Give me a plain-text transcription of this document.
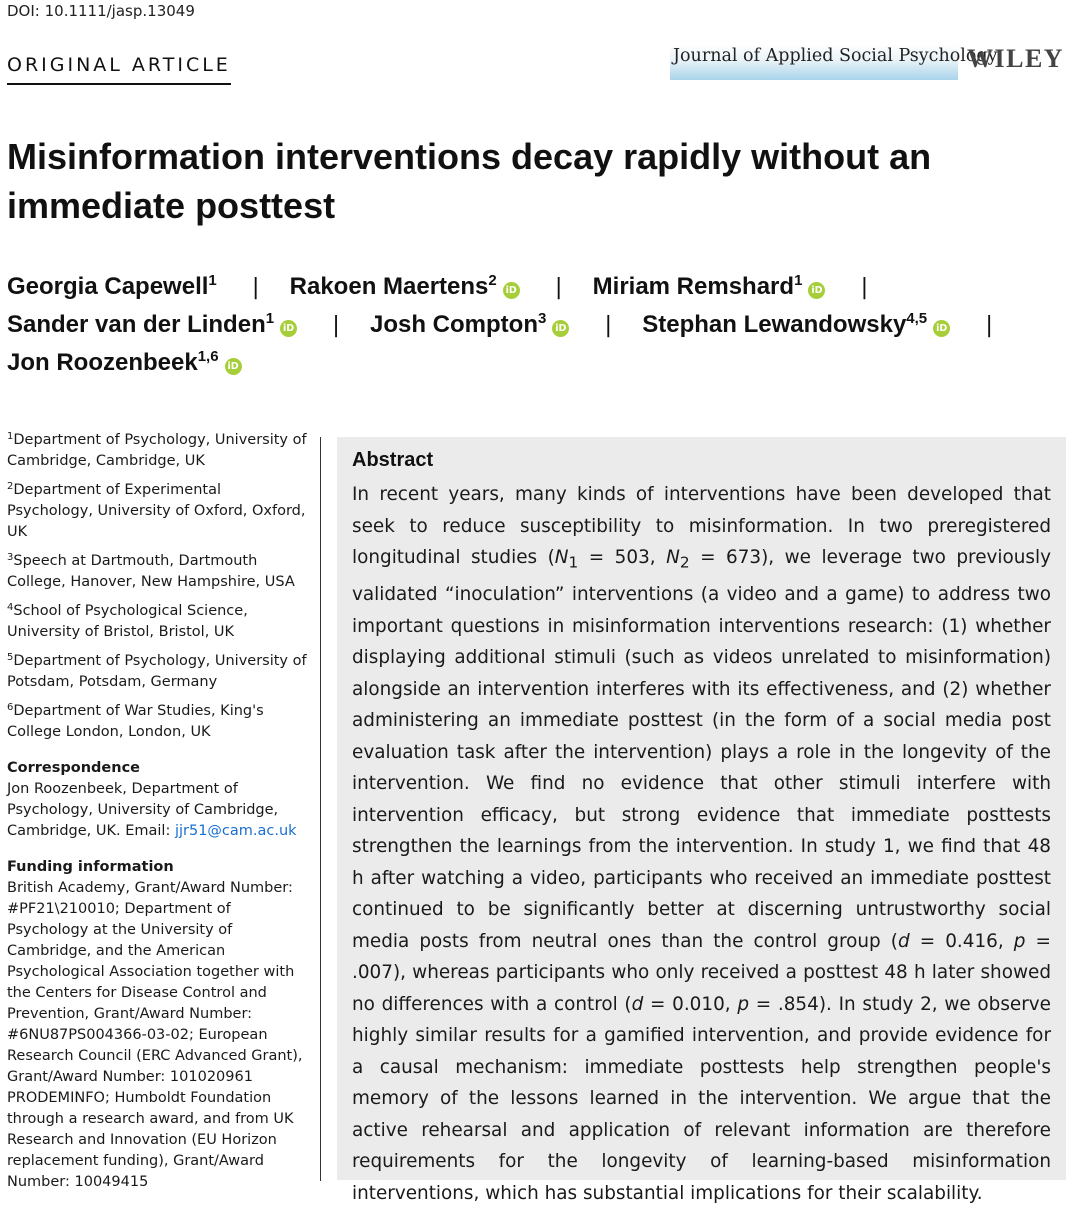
DOI: 10.1111/jasp.13049
ORIGINAL ARTICLE	Journal of Applied Social Psychology
WILEY
Misinformation interventions decay rapidly without an immediate posttest
Georgia Capewell$^1$ | Rakoen Maertens$^2$iD | Miriam Remshard$^1$iD |
Sander van der Linden$^1$iD | Josh Compton$^3$iD | Stephan Lewandowsky$^{4,5}$iD |
Jon Roozenbeek$^{1,6}$iD
$^1$Department of Psychology, University of Cambridge, Cambridge, UK
$^2$Department of Experimental Psychology, University of Oxford, Oxford, UK
$^3$Speech at Dartmouth, Dartmouth College, Hanover, New Hampshire, USA
$^4$School of Psychological Science, University of Bristol, Bristol, UK
$^5$Department of Psychology, University of Potsdam, Potsdam, Germany
$^6$Department of War Studies, King's College London, London, UK
Correspondence
Jon Roozenbeek, Department of Psychology, University of Cambridge, Cambridge, UK. Email: jjr51@cam.ac.uk
Funding information
British Academy, Grant/Award Number: #PF21\210010; Department of Psychology at the University of Cambridge, and the American Psychological Association together with the Centers for Disease Control and Prevention, Grant/Award Number: #6NU87PS004366-03-02; European Research Council (ERC Advanced Grant), Grant/Award Number: 101020961 PRODEMINFO; Humboldt Foundation through a research award, and from UK Research and Innovation (EU Horizon replacement funding), Grant/Award Number: 10049415
Abstract

In recent years, many kinds of interventions have been developed that seek to reduce susceptibility to misinformation. In two preregistered longitudinal studies ($N_1 = 503$, $N_2 = 673$), we leverage two previously validated “inoculation” interventions (a video and a game) to address two important questions in misinformation interventions research: (1) whether displaying additional stimuli (such as videos unrelated to misinformation) alongside an intervention interferes with its effectiveness, and (2) whether administering an immediate posttest (in the form of a social media post evaluation task after the intervention) plays a role in the longevity of the intervention. We find no evidence that other stimuli interfere with intervention efficacy, but strong evidence that immediate posttests strengthen the learnings from the intervention. In study 1, we find that 48 h after watching a video, participants who received an immediate posttest continued to be significantly better at discerning untrustworthy social media posts from neutral ones than the control group (d = 0.416, p = .007), whereas participants who only received a posttest 48 h later showed no differences with a control (d = 0.010, p = .854). In study 2, we observe highly similar results for a gamified intervention, and provide evidence for a causal mechanism: immediate posttests help strengthen people's memory of the lessons learned in the intervention. We argue that the active rehearsal and application of relevant information are therefore requirements for the longevity of learning-based misinformation interventions, which has substantial implications for their scalability.
